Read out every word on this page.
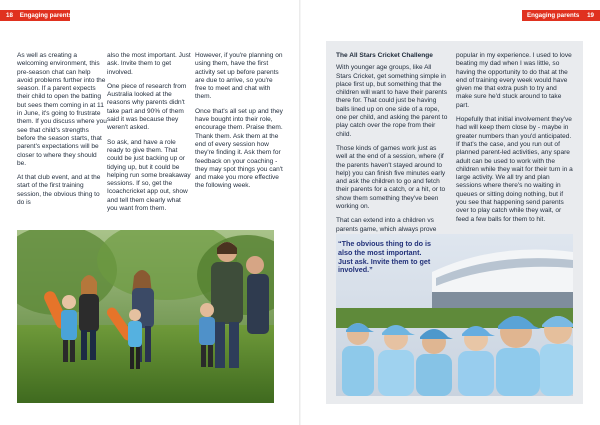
18 Engaging parents

As well as creating a welcoming environment, this pre-season chat can help avoid problems further into the season. If a parent expects their child to open the batting but sees them coming in at 11 in June, it's going to frustrate them. If you discuss where you see that child's strengths before the season starts, that parent's expectations will be closer to where they should be.

At that club event, and at the start of the first training session, the obvious thing to do is

also the most important. Just ask. Invite them to get involved.

One piece of research from Australia looked at the reasons why parents didn't take part and 90% of them said it was because they weren't asked.

So ask, and have a role ready to give them. That could be just backing up or tidying up, but it could be helping run some breakaway sessions. If so, get the Icoachcricket app out, show and tell them clearly what you want from them.

However, if you're planning on using them, have the first activity set up before parents are due to arrive, so you're free to meet and chat with them.

Once that's all set up and they have bought into their role, encourage them. Praise them. Thank them. Ask them at the end of every session how they're finding it. Ask them for feedback on your coaching - they may spot things you can't and make you more effective the following week.

Engaging parents 19
The All Stars Cricket Challenge

With younger age groups, like All Stars Cricket, get something simple in place first up, but something that the children will want to have their parents there for. That could just be having balls lined up on one side of a rope, one per child, and asking the parent to play catch over the rope from their child.

Those kinds of games work just as well at the end of a session, where (if the parents haven't stayed around to help) you can finish five minutes early and ask the children to go and fetch their parents for a catch, or a hit, or to show them something they've been working on.

That can extend into a children vs parents game, which always prove

popular in my experience. I used to love beating my dad when I was little, so having the opportunity to do that at the end of training every week would have given me that extra push to try and make sure he'd stuck around to take part.

Hopefully that initial involvement they've had will keep them close by - maybe in greater numbers than you'd anticipated. If that's the case, and you run out of planned parent-led activities, any spare adult can be used to work with the children while they wait for their turn in a large activity. We all try and plan sessions where there's no waiting in queues or sitting doing nothing, but if you see that happening send parents over to play catch while they wait, or feed a few balls for them to hit.

“The obvious thing to do is also the most important. Just ask. Invite them to get involved.”
